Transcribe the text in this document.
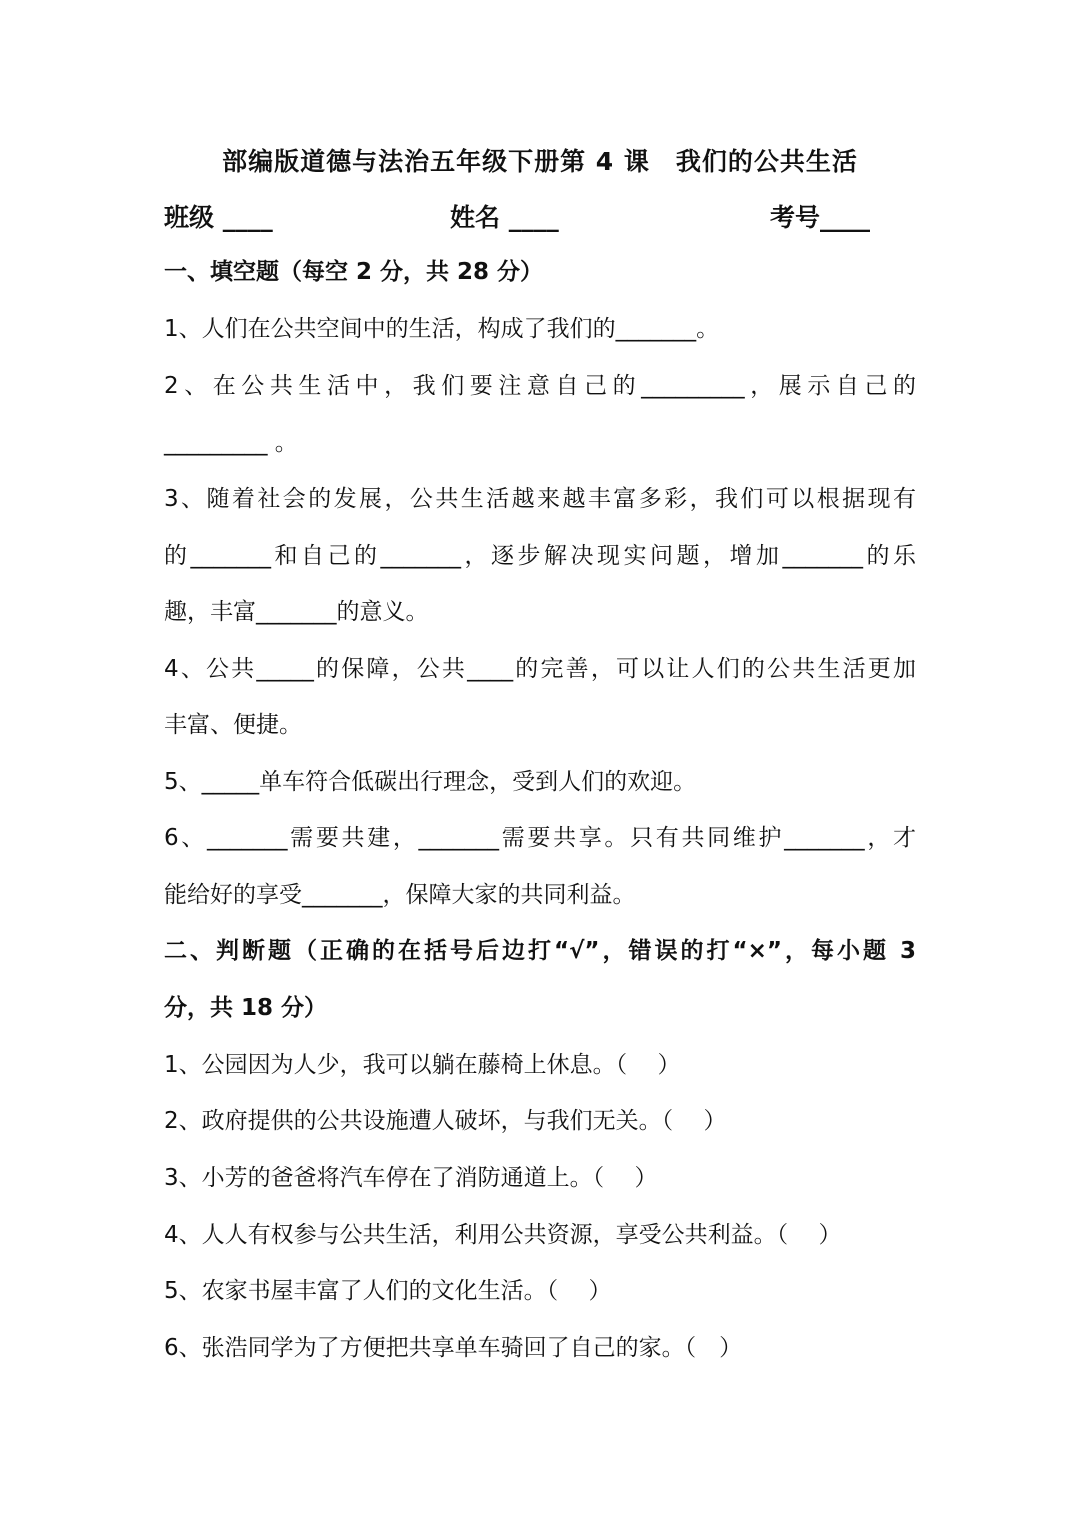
部编版道德与法治五年级下册第 4 课　我们的公共生活
班级 ____	姓名 ____	考号____
一、填空题（每空 2 分，共 28 分）
1、人们在公共空间中的生活，构成了我们的_______。
2、在公共生活中，我们要注意自己的_________，展示自己的
_________ 。
3、随着社会的发展，公共生活越来越丰富多彩，我们可以根据现有
的_______和自己的_______，逐步解决现实问题，增加_______的乐
趣，丰富_______的意义。
4、公共_____的保障，公共____的完善，可以让人们的公共生活更加
丰富、便捷。
5、_____单车符合低碳出行理念，受到人们的欢迎。
6、_______需要共建，_______需要共享。只有共同维护_______，才
能给好的享受_______，保障大家的共同利益。
二、判断题（正确的在括号后边打“√”，错误的打“×”，每小题 3
分，共 18 分）
1、公园因为人少，我可以躺在藤椅上休息。（　 ）
2、政府提供的公共设施遭人破坏，与我们无关。（　 ）
3、小芳的爸爸将汽车停在了消防通道上。（　 ）
4、人人有权参与公共生活，利用公共资源，享受公共利益。（　 ）
5、农家书屋丰富了人们的文化生活。（　 ）
6、张浩同学为了方便把共享单车骑回了自己的家。（　）
